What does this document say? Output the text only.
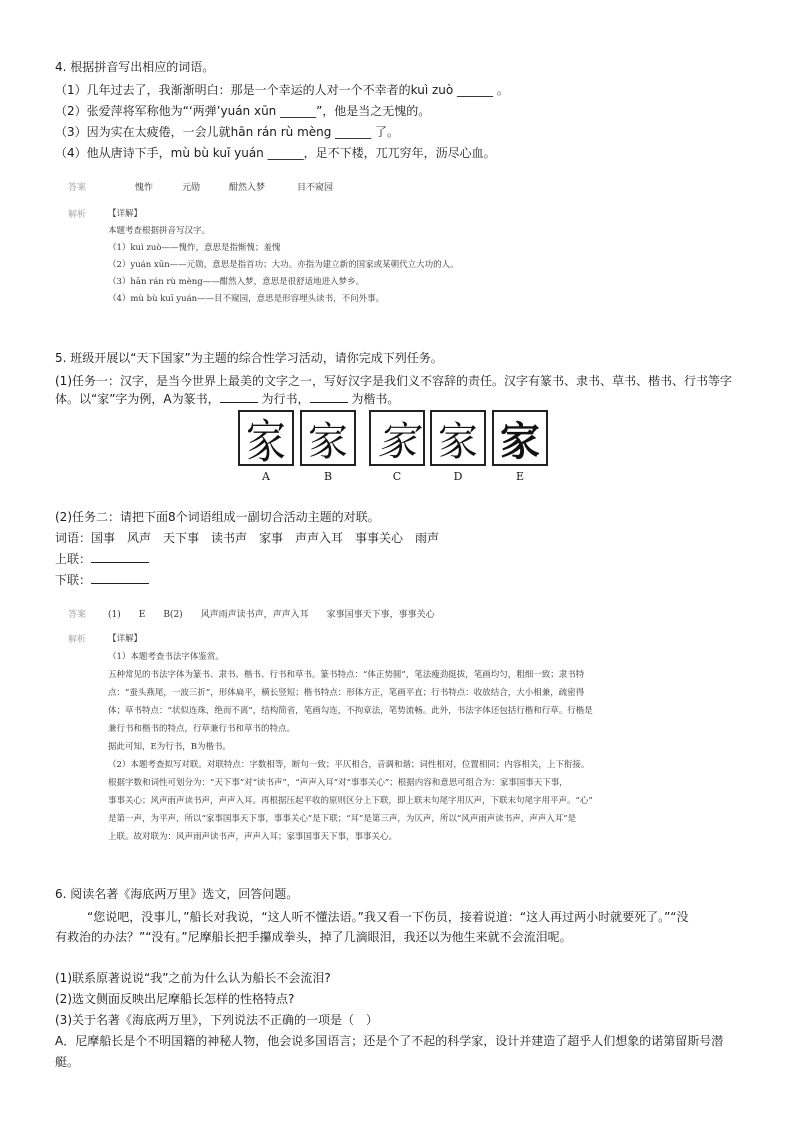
4. 根据拼音写出相应的词语。
（1）几年过去了，我渐渐明白：那是一个幸运的人对一个不幸者的kuì zuò ______ 。
（2）张爱萍将军称他为“‘两弹’yuán xūn ______”，他是当之无愧的。
（3）因为实在太疲倦，一会儿就hān rán rù mèng ______ 了。
（4）他从唐诗下手，mù bù kuī yuán ______，足不下楼，兀兀穷年，沥尽心血。
答案	愧怍	元勋	酣然入梦	目不窥园
解析	【详解】
本题考查根据拼音写汉字。
（1）kuì zuò——愧怍，意思是指惭愧；羞愧
（2）yuán xūn——元勋，意思是指首功；大功。亦指为建立新的国家或某朝代立大功的人。
（3）hān rán rù mèng——酣然入梦，意思是很舒适地进入梦乡。
（4）mù bù kuī yuán——目不窥园，意思是形容埋头读书，不问外事。
5. 班级开展以“天下国家”为主题的综合性学习活动，请你完成下列任务。
(1)任务一：汉字，是当今世界上最美的文字之一，写好汉字是我们义不容辞的责任。汉字有篆书、隶书、草书、楷书、行书等字
体。以“家”字为例，A为篆书，	为行书，	为楷书。
家 家 家 家 家
A	B	C	D	E
(2)任务二：请把下面8个词语组成一副切合活动主题的对联。
词语：国事　风声　天下事　读书声　家事　声声入耳　事事关心　雨声
上联：
下联：
答案 (1)　　E　　B(2)　　风声雨声读书声，声声入耳　　家事国事天下事，事事关心
解析	【详解】
（1）本题考查书法字体鉴赏。
五种常见的书法字体为篆书、隶书、楷书、行书和草书。篆书特点：“体正势圆”，笔法瘦劲挺拔，笔画均匀，粗细一致；隶书特
点：“蚕头燕尾，一波三折”，形体扁平，横长竖短；楷书特点：形体方正，笔画平直；行书特点：收放结合，大小相兼，疏密得
体；草书特点：“状似连珠，绝而不离”，结构简省，笔画勾连，不拘章法，笔势流畅。此外，书法字体还包括行楷和行草。行楷是
兼行书和楷书的特点，行草兼行书和草书的特点。
据此可知，E为行书，B为楷书。
（2）本题考查拟写对联。对联特点：字数相等，断句一致；平仄相合，音调和谐；词性相对，位置相同；内容相关，上下衔接。
根据字数和词性可划分为：“天下事”对“读书声”，“声声入耳”对“事事关心”；根据内容和意思可组合为：家事国事天下事，
事事关心；风声雨声读书声，声声入耳。再根据压起平收的原则区分上下联，即上联末句尾字用仄声，下联末句尾字用平声。“心”
是第一声，为平声，所以“家事国事天下事，事事关心”是下联；“耳”是第三声，为仄声，所以“风声雨声读书声，声声入耳”是
上联。故对联为：风声雨声读书声，声声入耳；家事国事天下事，事事关心。
6. 阅读名著《海底两万里》选文，回答问题。
“您说吧，没事儿，”船长对我说，“这人听不懂法语。”我又看一下伤员，接着说道：“这人再过两小时就要死了。”“没
有救治的办法？”“没有。”尼摩船长把手攥成拳头，掉了几滴眼泪，我还以为他生来就不会流泪呢。
(1)联系原著说说“我”之前为什么认为船长不会流泪?
(2)选文侧面反映出尼摩船长怎样的性格特点?
(3)关于名著《海底两万里》，下列说法不正确的一项是（　）
A．尼摩船长是个不明国籍的神秘人物，他会说多国语言；还是个了不起的科学家，设计并建造了超乎人们想象的诺第留斯号潜
艇。
